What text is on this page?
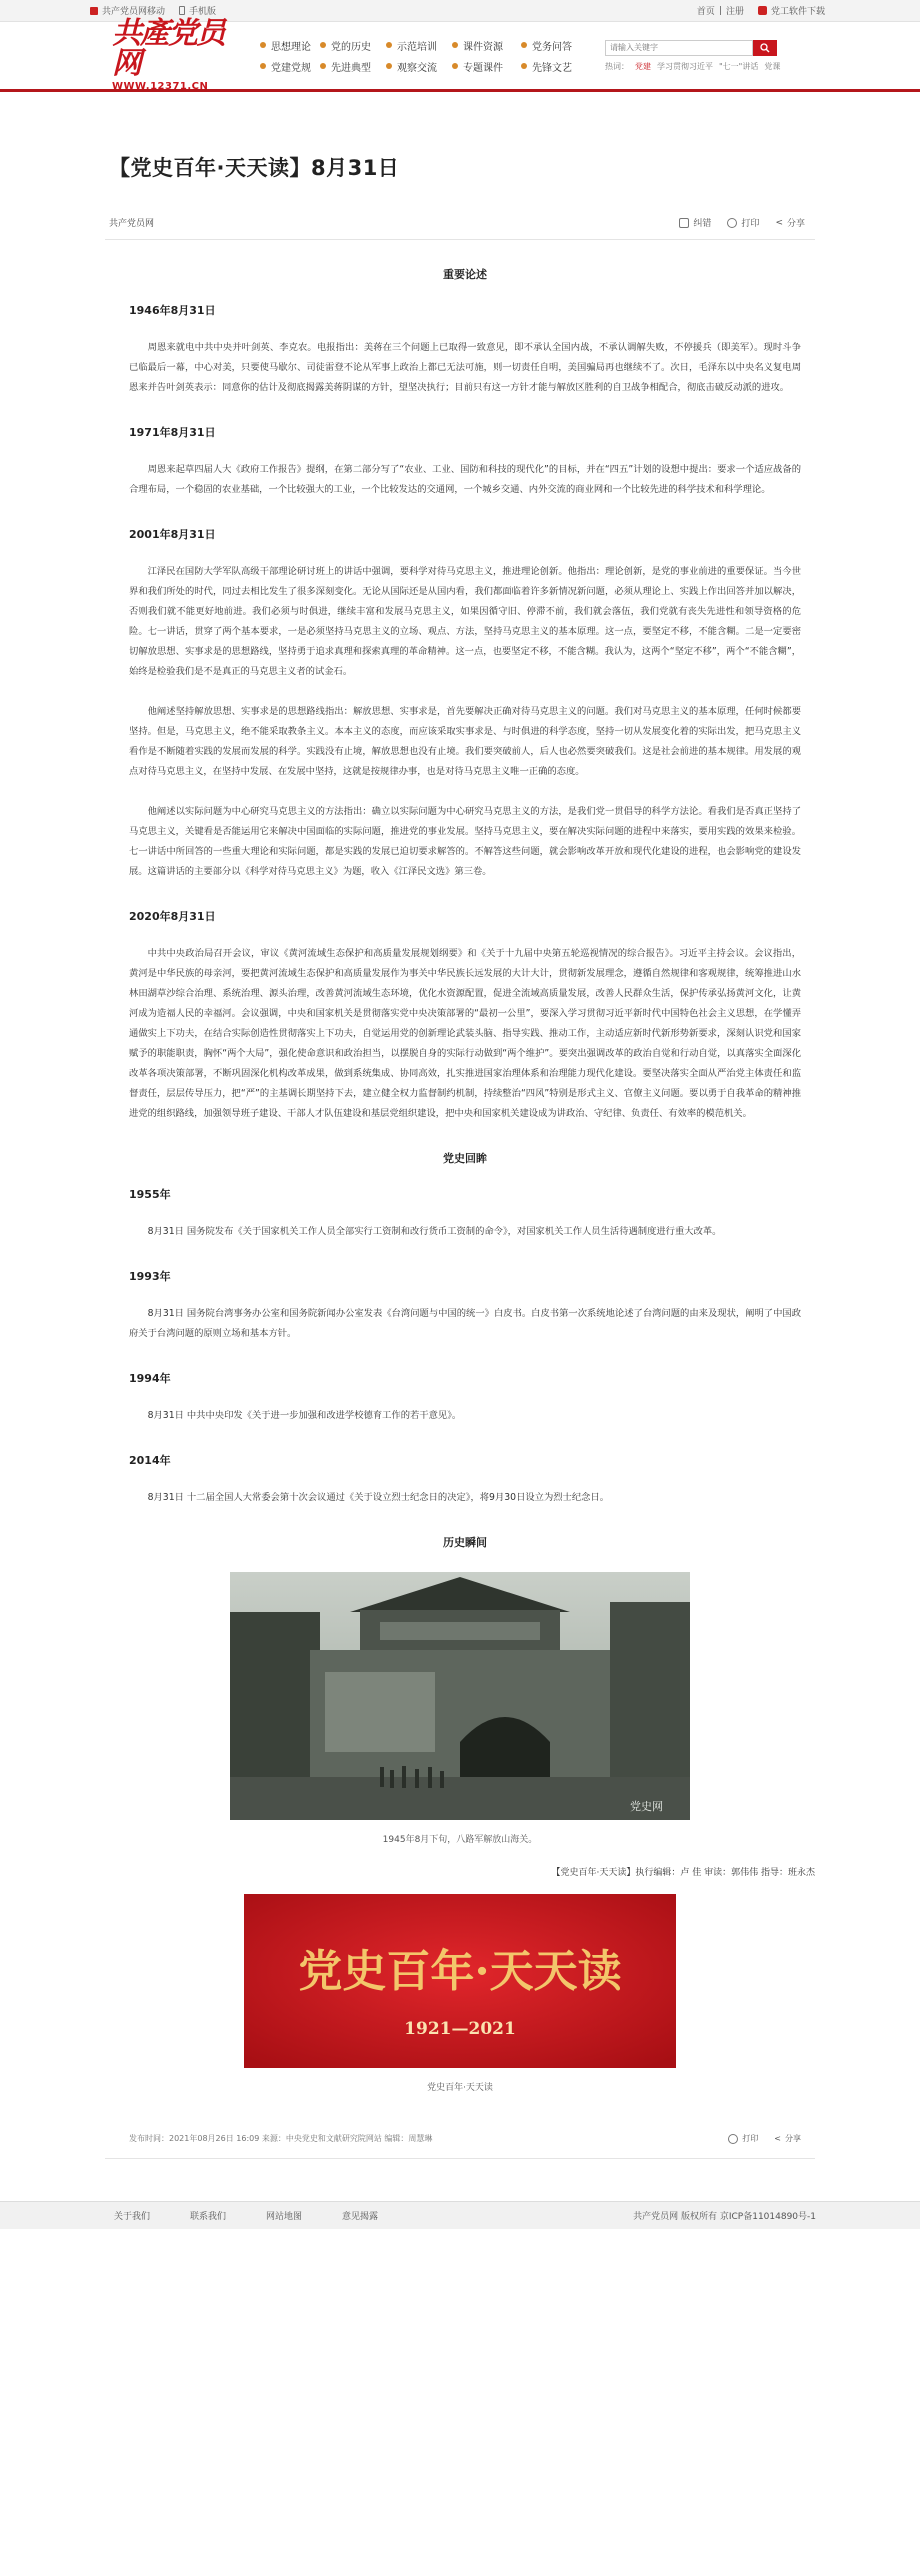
共产党员网移动	手机版	首页 | 注册	党工软件下载
共產党员网
WWW.12371.CN
思想理论 党的历史	示范培训	课件资源	党务问答
党建党规 先进典型	观察交流	专题课件	先锋文艺
请输入关键字	热词： 党建 学习贯彻习近平 "七一"讲话 党课
【党史百年·天天读】8月31日
共产党员网	纠错	打印 < 分享
重要论述
1946年8月31日
周恩来就电中共中央并叶剑英、李克农。电报指出：美蒋在三个问题上已取得一致意见，即不承认全国内战，不承认调解失败，不停援兵（即美军）。现时斗争已临最后一幕，中心对美，只要使马歇尔、司徒雷登不论从军事上政治上都已无法可施，则一切责任自明，美国骗局再也继续不了。次日，毛泽东以中央名义复电周恩来并告叶剑英表示：同意你的估计及彻底揭露美蒋阴谋的方针，望坚决执行；目前只有这一方针才能与解放区胜利的自卫战争相配合，彻底击破反动派的进攻。
1971年8月31日
周恩来起草四届人大《政府工作报告》提纲，在第二部分写了“农业、工业、国防和科技的现代化”的目标，并在“四五”计划的设想中提出：要求一个适应战备的合理布局，一个稳固的农业基础，一个比较强大的工业，一个比较发达的交通网，一个城乡交通、内外交流的商业网和一个比较先进的科学技术和科学理论。
2001年8月31日
江泽民在国防大学军队高级干部理论研讨班上的讲话中强调，要科学对待马克思主义，推进理论创新。他指出：理论创新，是党的事业前进的重要保证。当今世界和我们所处的时代，同过去相比发生了很多深刻变化。无论从国际还是从国内看，我们都面临着许多新情况新问题，必须从理论上、实践上作出回答并加以解决，否则我们就不能更好地前进。我们必须与时俱进，继续丰富和发展马克思主义，如果因循守旧、停滞不前，我们就会落伍，我们党就有丧失先进性和领导资格的危险。七一讲话，贯穿了两个基本要求，一是必须坚持马克思主义的立场、观点、方法，坚持马克思主义的基本原理。这一点，要坚定不移，不能含糊。二是一定要密切解放思想、实事求是的思想路线，坚持勇于追求真理和探索真理的革命精神。这一点，也要坚定不移，不能含糊。我认为，这两个“坚定不移”，两个“不能含糊”，始终是检验我们是不是真正的马克思主义者的试金石。
他阐述坚持解放思想、实事求是的思想路线指出：解放思想、实事求是，首先要解决正确对待马克思主义的问题。我们对马克思主义的基本原理，任何时候都要坚持。但是，马克思主义，绝不能采取教条主义。本本主义的态度，而应该采取实事求是、与时俱进的科学态度，坚持一切从发展变化着的实际出发，把马克思主义看作是不断随着实践的发展而发展的科学。实践没有止境，解放思想也没有止境。我们要突破前人，后人也必然要突破我们。这是社会前进的基本规律。用发展的观点对待马克思主义，在坚持中发展、在发展中坚持，这就是按规律办事，也是对待马克思主义唯一正确的态度。
他阐述以实际问题为中心研究马克思主义的方法指出：确立以实际问题为中心研究马克思主义的方法，是我们党一贯倡导的科学方法论。看我们是否真正坚持了马克思主义，关键看是否能运用它来解决中国面临的实际问题，推进党的事业发展。坚持马克思主义，要在解决实际问题的进程中来落实，要用实践的效果来检验。七一讲话中所回答的一些重大理论和实际问题，都是实践的发展已迫切要求解答的。不解答这些问题，就会影响改革开放和现代化建设的进程，也会影响党的建设发展。这篇讲话的主要部分以《科学对待马克思主义》为题，收入《江泽民文选》第三卷。
2020年8月31日
中共中央政治局召开会议，审议《黄河流域生态保护和高质量发展规划纲要》和《关于十九届中央第五轮巡视情况的综合报告》。习近平主持会议。会议指出，黄河是中华民族的母亲河，要把黄河流域生态保护和高质量发展作为事关中华民族长远发展的大计大计，贯彻新发展理念，遵循自然规律和客观规律，统筹推进山水林田湖草沙综合治理、系统治理、源头治理，改善黄河流域生态环境，优化水资源配置，促进全流域高质量发展，改善人民群众生活，保护传承弘扬黄河文化，让黄河成为造福人民的幸福河。会议强调，中央和国家机关是贯彻落实党中央决策部署的“最初一公里”，要深入学习贯彻习近平新时代中国特色社会主义思想，在学懂弄通做实上下功夫，在结合实际创造性贯彻落实上下功夫，自觉运用党的创新理论武装头脑、指导实践、推动工作，主动适应新时代新形势新要求，深刻认识党和国家赋予的职能职责，胸怀“两个大局”，强化使命意识和政治担当，以摆脱自身的实际行动做到“两个维护”。要突出强调改革的政治自觉和行动自觉，以真落实全面深化改革各项决策部署，不断巩固深化机构改革成果，做到系统集成、协同高效，扎实推进国家治理体系和治理能力现代化建设。要坚决落实全面从严治党主体责任和监督责任，层层传导压力，把“严”的主基调长期坚持下去，建立健全权力监督制约机制，持续整治“四风”特别是形式主义、官僚主义问题。要以勇于自我革命的精神推进党的组织路线，加强领导班子建设、干部人才队伍建设和基层党组织建设，把中央和国家机关建设成为讲政治、守纪律、负责任、有效率的模范机关。
党史回眸
1955年
8月31日 国务院发布《关于国家机关工作人员全部实行工资制和改行货币工资制的命令》，对国家机关工作人员生活待遇制度进行重大改革。
1993年
8月31日 国务院台湾事务办公室和国务院新闻办公室发表《台湾问题与中国的统一》白皮书。白皮书第一次系统地论述了台湾问题的由来及现状，阐明了中国政府关于台湾问题的原则立场和基本方针。
1994年
8月31日 中共中央印发《关于进一步加强和改进学校德育工作的若干意见》。
2014年
8月31日 十二届全国人大常委会第十次会议通过《关于设立烈士纪念日的决定》，将9月30日设立为烈士纪念日。
历史瞬间
党史网
1945年8月下旬，八路军解放山海关。
【党史百年·天天读】执行编辑：卢 佳 审读：郭伟伟 指导：班永杰
党史百年·天天读
1921—2021
党史百年·天天读
发布时间：2021年08月26日 16:09 来源：中央党史和文献研究院网站 编辑：周慧琳	打印 < 分享
关于我们	联系我们	网站地图	意见揭露	共产党员网 版权所有 京ICP备11014890号-1
